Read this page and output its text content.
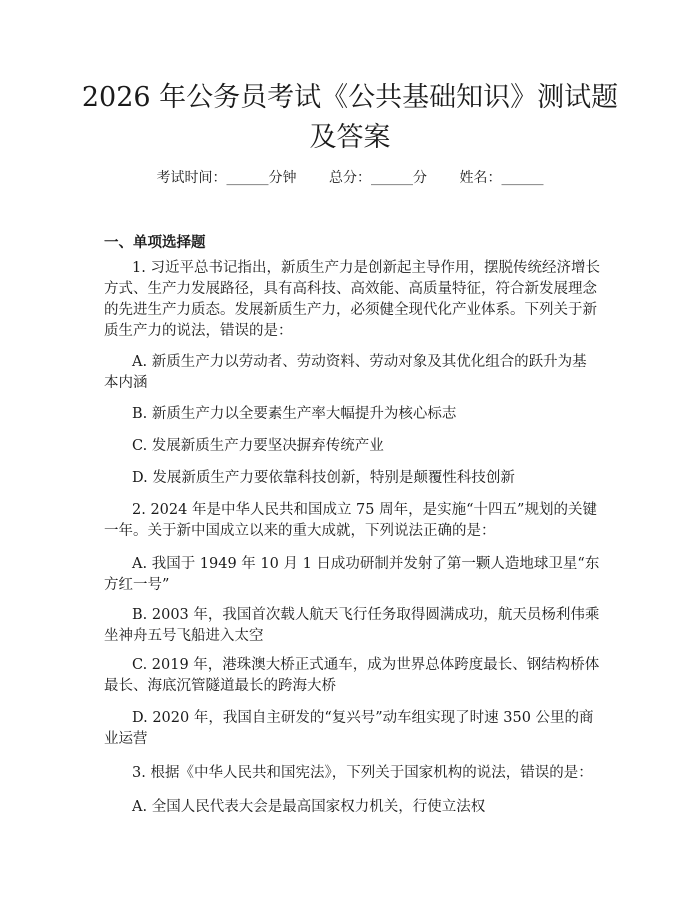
2026 年公务员考试《公共基础知识》测试题
及答案
考试时间：______分钟 总分：______分 姓名：______
一、单项选择题

1. 习近平总书记指出，新质生产力是创新起主导作用，摆脱传统经济增长方式、生产力发展路径，具有高科技、高效能、高质量特征，符合新发展理念的先进生产力质态。发展新质生产力，必须健全现代化产业体系。下列关于新质生产力的说法，错误的是：

A. 新质生产力以劳动者、劳动资料、劳动对象及其优化组合的跃升为基本内涵

B. 新质生产力以全要素生产率大幅提升为核心标志

C. 发展新质生产力要坚决摒弃传统产业

D. 发展新质生产力要依靠科技创新，特别是颠覆性科技创新

2. 2024 年是中华人民共和国成立 75 周年，是实施“十四五”规划的关键一年。关于新中国成立以来的重大成就，下列说法正确的是：

A. 我国于 1949 年 10 月 1 日成功研制并发射了第一颗人造地球卫星“东方红一号”

B. 2003 年，我国首次载人航天飞行任务取得圆满成功，航天员杨利伟乘坐神舟五号飞船进入太空

C. 2019 年，港珠澳大桥正式通车，成为世界总体跨度最长、钢结构桥体最长、海底沉管隧道最长的跨海大桥

D. 2020 年，我国自主研发的“复兴号”动车组实现了时速 350 公里的商业运营

3. 根据《中华人民共和国宪法》，下列关于国家机构的说法，错误的是：

A. 全国人民代表大会是最高国家权力机关，行使立法权
